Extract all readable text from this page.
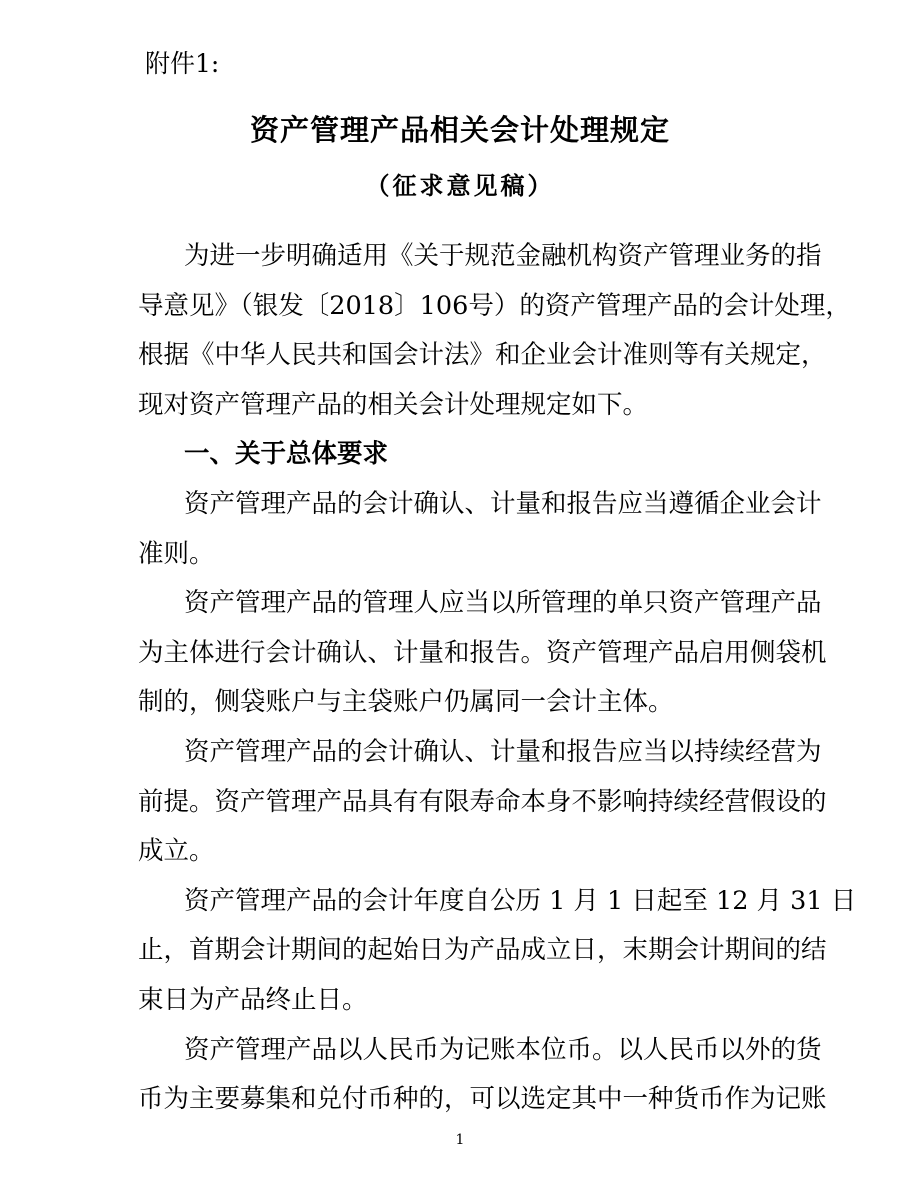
附件1:
资产管理产品相关会计处理规定
（征求意见稿）
为进一步明确适用《关于规范金融机构资产管理业务的指
导意见》（银发〔2018〕106号）的资产管理产品的会计处理，
根据《中华人民共和国会计法》和企业会计准则等有关规定，
现对资产管理产品的相关会计处理规定如下。
一、关于总体要求
资产管理产品的会计确认、计量和报告应当遵循企业会计
准则。
资产管理产品的管理人应当以所管理的单只资产管理产品
为主体进行会计确认、计量和报告。资产管理产品启用侧袋机
制的，侧袋账户与主袋账户仍属同一会计主体。
资产管理产品的会计确认、计量和报告应当以持续经营为
前提。资产管理产品具有有限寿命本身不影响持续经营假设的
成立。
资产管理产品的会计年度自公历 1 月 1 日起至 12 月 31 日
止，首期会计期间的起始日为产品成立日，末期会计期间的结
束日为产品终止日。
资产管理产品以人民币为记账本位币。以人民币以外的货
币为主要募集和兑付币种的，可以选定其中一种货币作为记账
1
